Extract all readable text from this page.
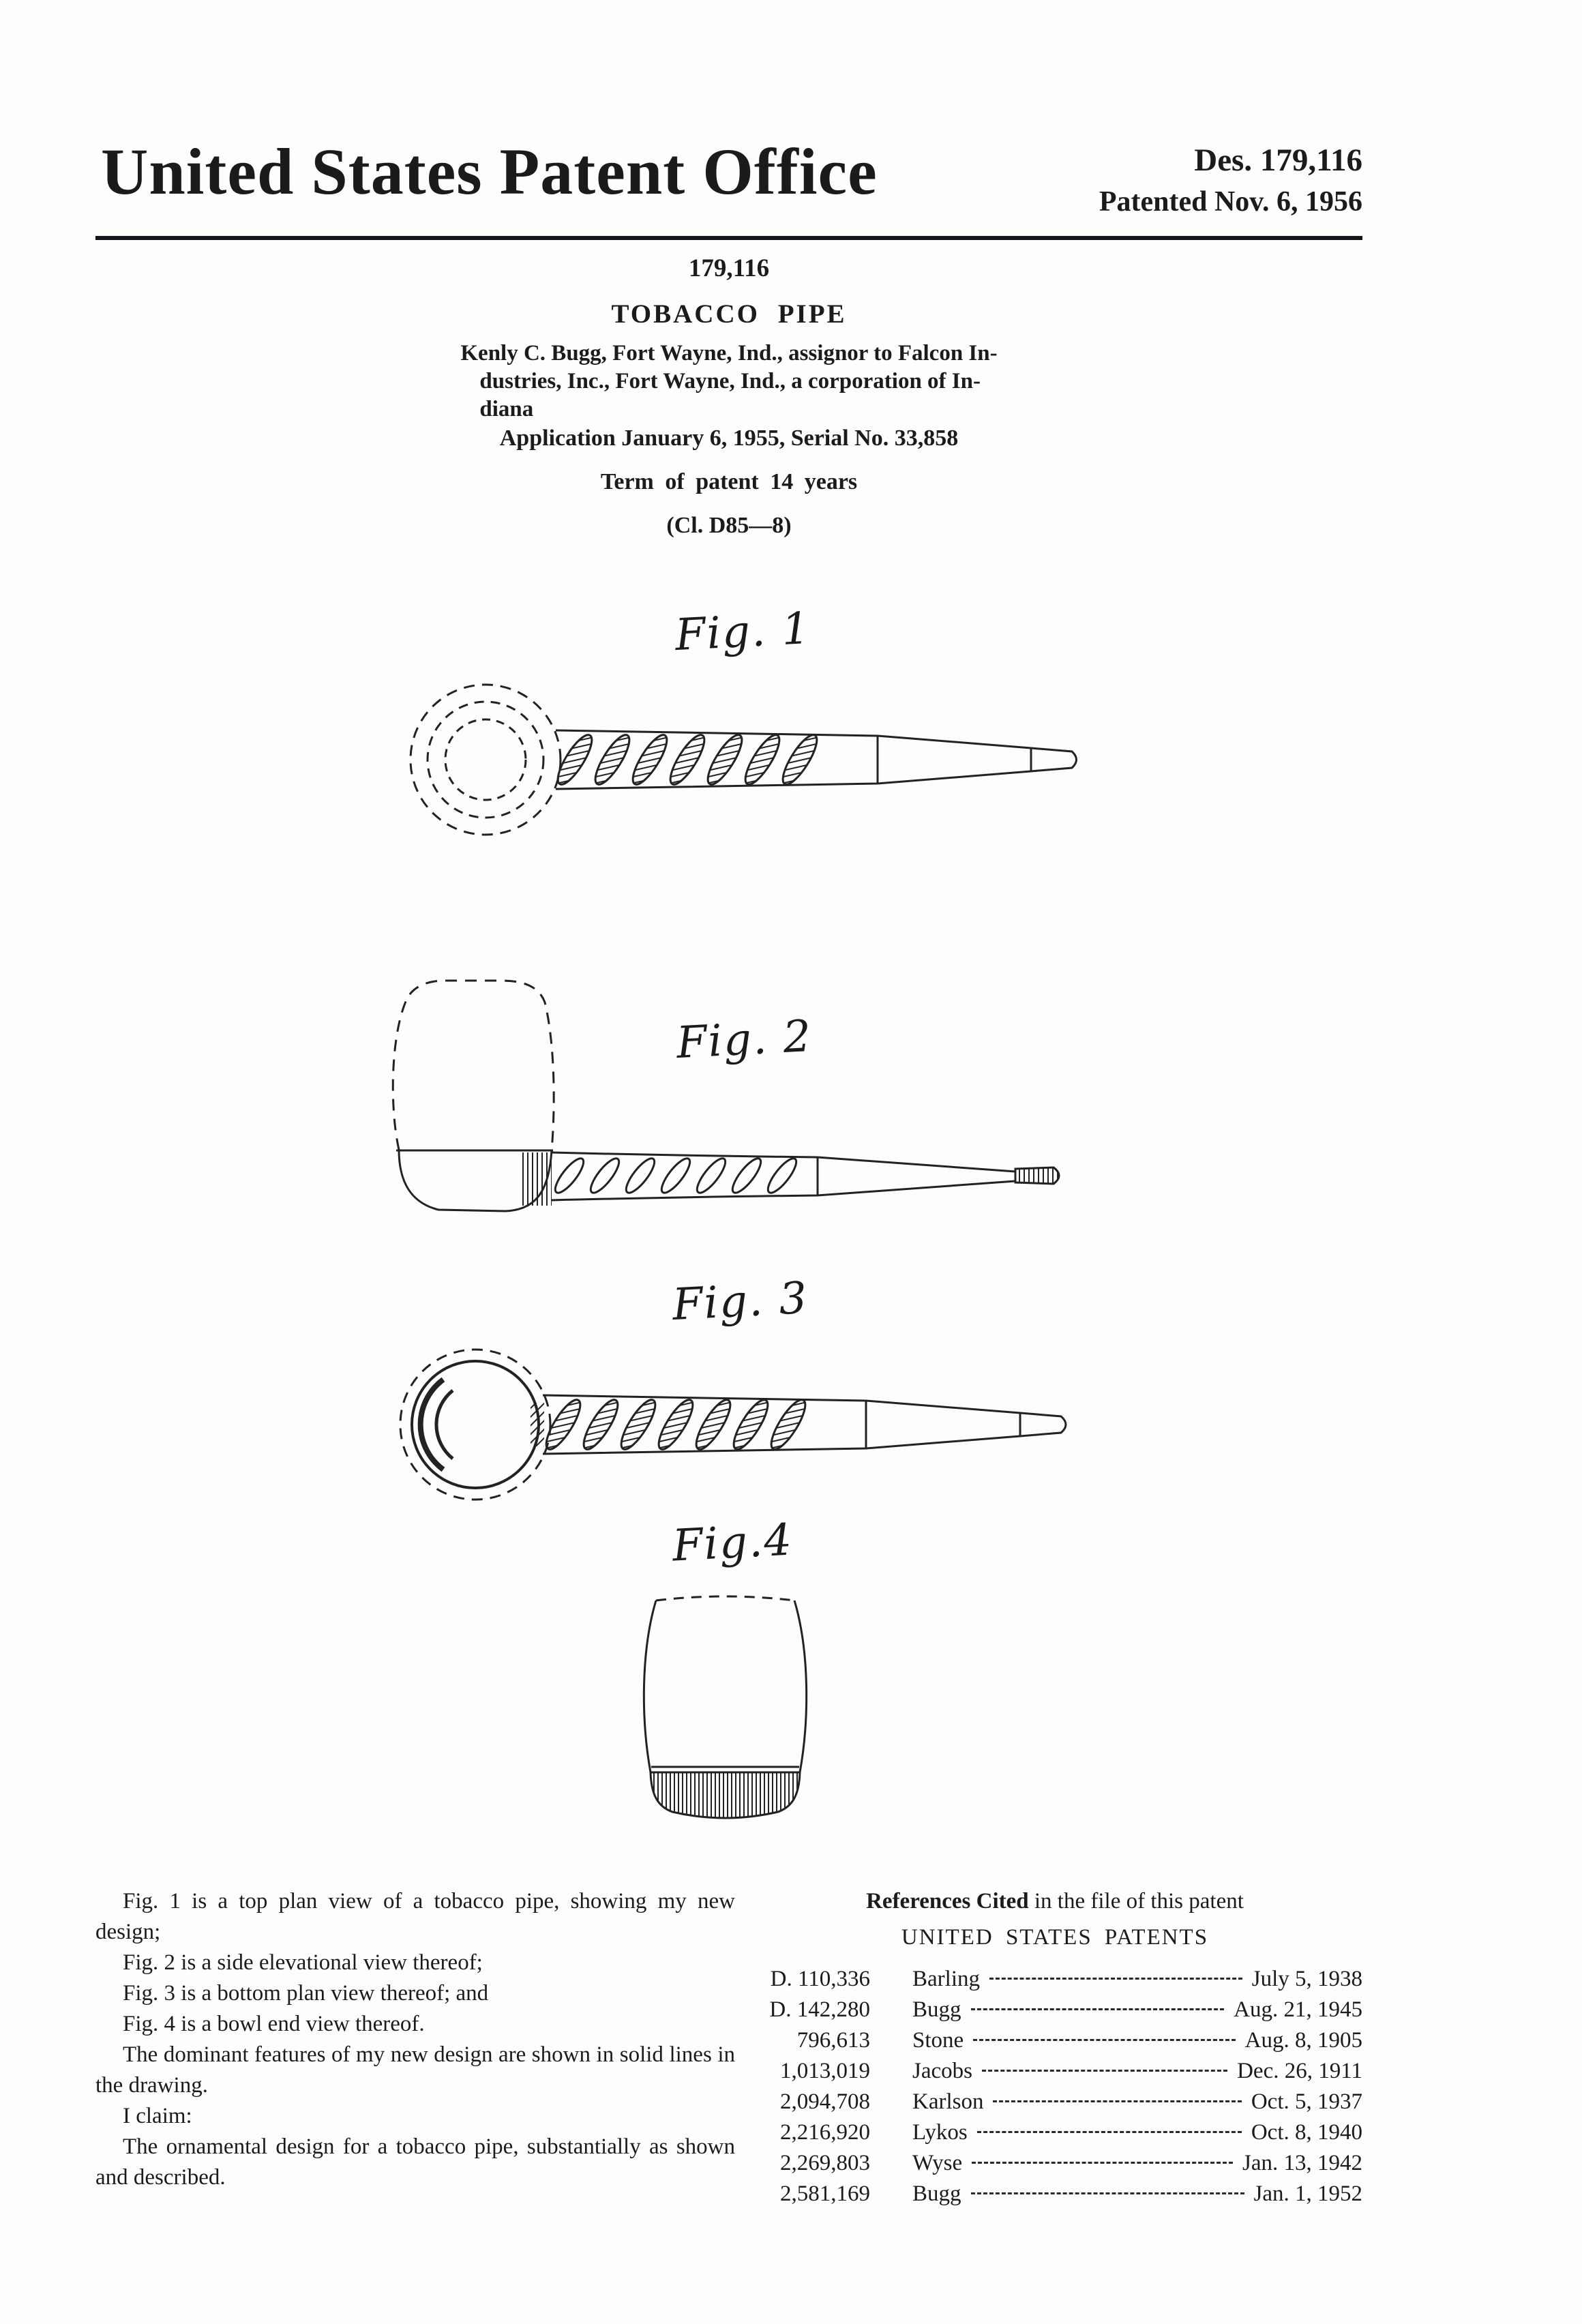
United States Patent Office	Des. 179,116
Patented Nov. 6, 1956
179,116
TOBACCO PIPE
Kenly C. Bugg, Fort Wayne, Ind., assignor to Falcon In-
dustries, Inc., Fort Wayne, Ind., a corporation of In-
diana
Application January 6, 1955, Serial No. 33,858
Term of patent 14 years
(Cl. D85—8)
Fig. 1
Fig. 2
Fig. 3
Fig.4

Fig. 1 is a top plan view of a tobacco pipe, showing my new design;

Fig. 2 is a side elevational view thereof;

Fig. 3 is a bottom plan view thereof; and

Fig. 4 is a bowl end view thereof.

The dominant features of my new design are shown in solid lines in the drawing.

I claim:

The ornamental design for a tobacco pipe, substantially as shown and described.

References Cited in the file of this patent
UNITED STATES PATENTS
D. 110,336 Barling	July 5, 1938
D. 142,280 Bugg	Aug. 21, 1945
796,613 Stone	Aug. 8, 1905
1,013,019 Jacobs	Dec. 26, 1911
2,094,708 Karlson	Oct. 5, 1937
2,216,920 Lykos	Oct. 8, 1940
2,269,803 Wyse	Jan. 13, 1942
2,581,169 Bugg	Jan. 1, 1952
